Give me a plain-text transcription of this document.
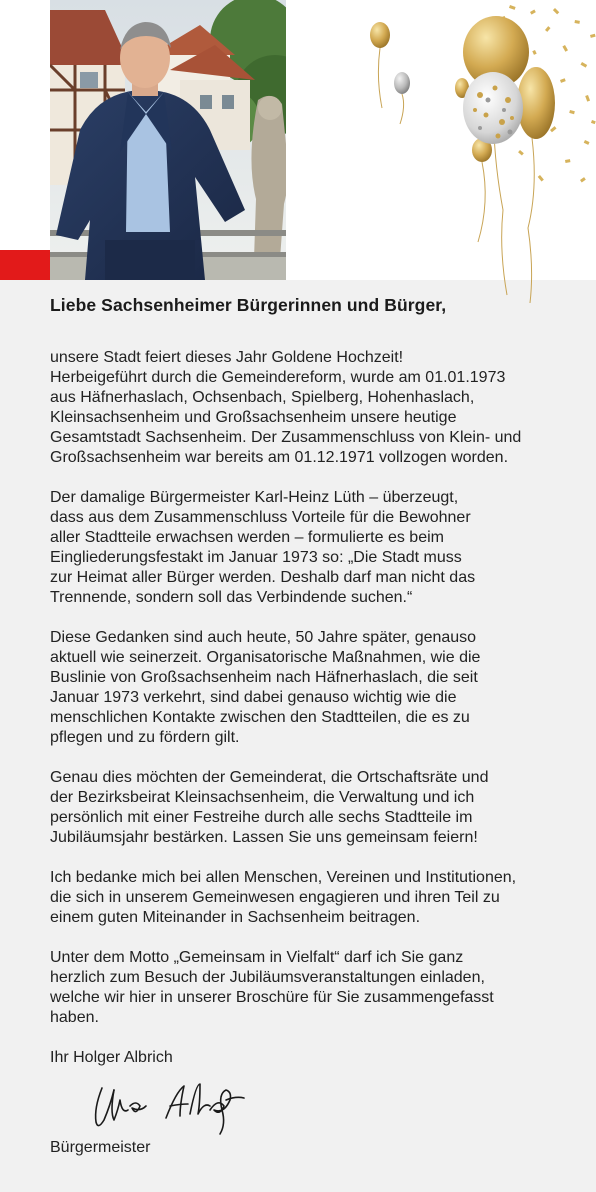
Liebe Sachsenheimer Bürgerinnen und Bürger,

unsere Stadt feiert dieses Jahr Goldene Hochzeit!
Herbeigeführt durch die Gemeindereform, wurde am 01.01.1973
aus Häfnerhaslach, Ochsenbach, Spielberg, Hohenhaslach,
Kleinsachsenheim und Großsachsenheim unsere heutige
Gesamtstadt Sachsenheim. Der Zusammenschluss von Klein- und
Großsachsenheim war bereits am 01.12.1971 vollzogen worden.
Der damalige Bürgermeister Karl-Heinz Lüth – überzeugt,
dass aus dem Zusammenschluss Vorteile für die Bewohner
aller Stadtteile erwachsen werden – formulierte es beim
Eingliederungsfestakt im Januar 1973 so: „Die Stadt muss
zur Heimat aller Bürger werden. Deshalb darf man nicht das
Trennende, sondern soll das Verbindende suchen.“
Diese Gedanken sind auch heute, 50 Jahre später, genauso
aktuell wie seinerzeit. Organisatorische Maßnahmen, wie die
Buslinie von Großsachsenheim nach Häfnerhaslach, die seit
Januar 1973 verkehrt, sind dabei genauso wichtig wie die
menschlichen Kontakte zwischen den Stadtteilen, die es zu
pflegen und zu fördern gilt.
Genau dies möchten der Gemeinderat, die Ortschaftsräte und
der Bezirksbeirat Kleinsachsenheim, die Verwaltung und ich
persönlich mit einer Festreihe durch alle sechs Stadtteile im
Jubiläumsjahr bestärken. Lassen Sie uns gemeinsam feiern!
Ich bedanke mich bei allen Menschen, Vereinen und Institutionen,
die sich in unserem Gemeinwesen engagieren und ihren Teil zu
einem guten Miteinander in Sachsenheim beitragen.
Unter dem Motto „Gemeinsam in Vielfalt“ darf ich Sie ganz
herzlich zum Besuch der Jubiläumsveranstaltungen einladen,
welche wir hier in unserer Broschüre für Sie zusammengefasst
haben.

Ihr Holger Albrich

Bürgermeister
